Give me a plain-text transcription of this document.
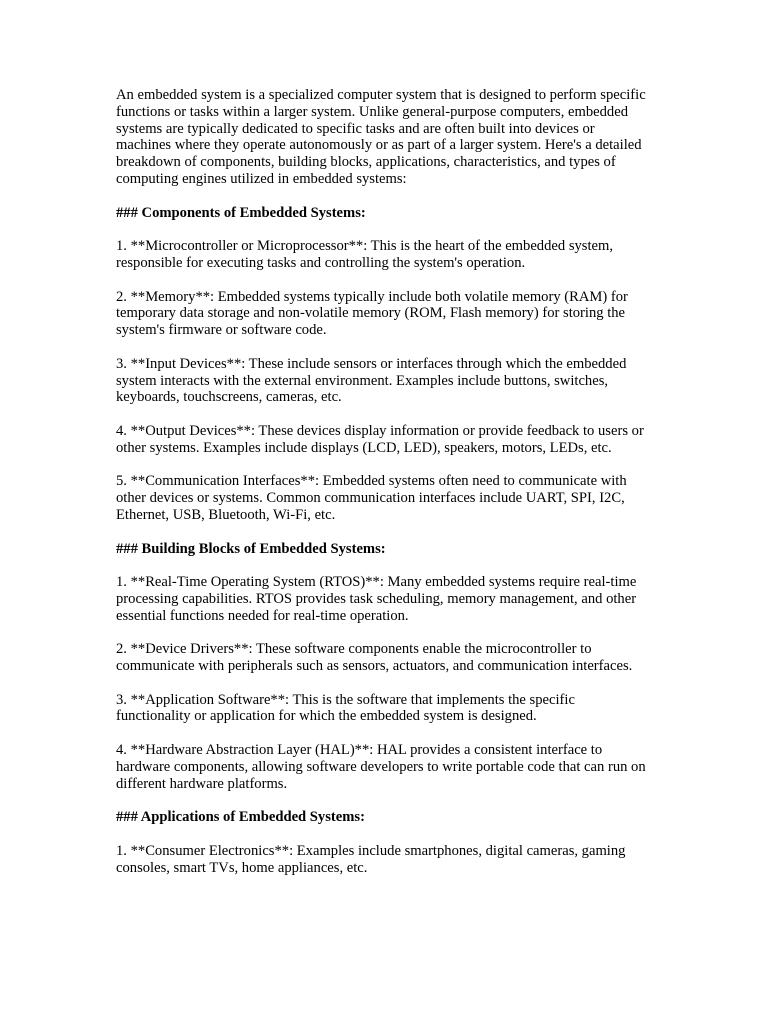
An embedded system is a specialized computer system that is designed to perform specific functions or tasks within a larger system. Unlike general-purpose computers, embedded systems are typically dedicated to specific tasks and are often built into devices or machines where they operate autonomously or as part of a larger system. Here's a detailed breakdown of components, building blocks, applications, characteristics, and types of computing engines utilized in embedded systems:

### Components of Embedded Systems:

1. **Microcontroller or Microprocessor**: This is the heart of the embedded system, responsible for executing tasks and controlling the system's operation.

2. **Memory**: Embedded systems typically include both volatile memory (RAM) for temporary data storage and non-volatile memory (ROM, Flash memory) for storing the system's firmware or software code.

3. **Input Devices**: These include sensors or interfaces through which the embedded system interacts with the external environment. Examples include buttons, switches, keyboards, touchscreens, cameras, etc.

4. **Output Devices**: These devices display information or provide feedback to users or other systems. Examples include displays (LCD, LED), speakers, motors, LEDs, etc.

5. **Communication Interfaces**: Embedded systems often need to communicate with other devices or systems. Common communication interfaces include UART, SPI, I2C, Ethernet, USB, Bluetooth, Wi-Fi, etc.

### Building Blocks of Embedded Systems:

1. **Real-Time Operating System (RTOS)**: Many embedded systems require real-time processing capabilities. RTOS provides task scheduling, memory management, and other essential functions needed for real-time operation.

2. **Device Drivers**: These software components enable the microcontroller to communicate with peripherals such as sensors, actuators, and communication interfaces.

3. **Application Software**: This is the software that implements the specific functionality or application for which the embedded system is designed.

4. **Hardware Abstraction Layer (HAL)**: HAL provides a consistent interface to hardware components, allowing software developers to write portable code that can run on different hardware platforms.

### Applications of Embedded Systems:

1. **Consumer Electronics**: Examples include smartphones, digital cameras, gaming consoles, smart TVs, home appliances, etc.
